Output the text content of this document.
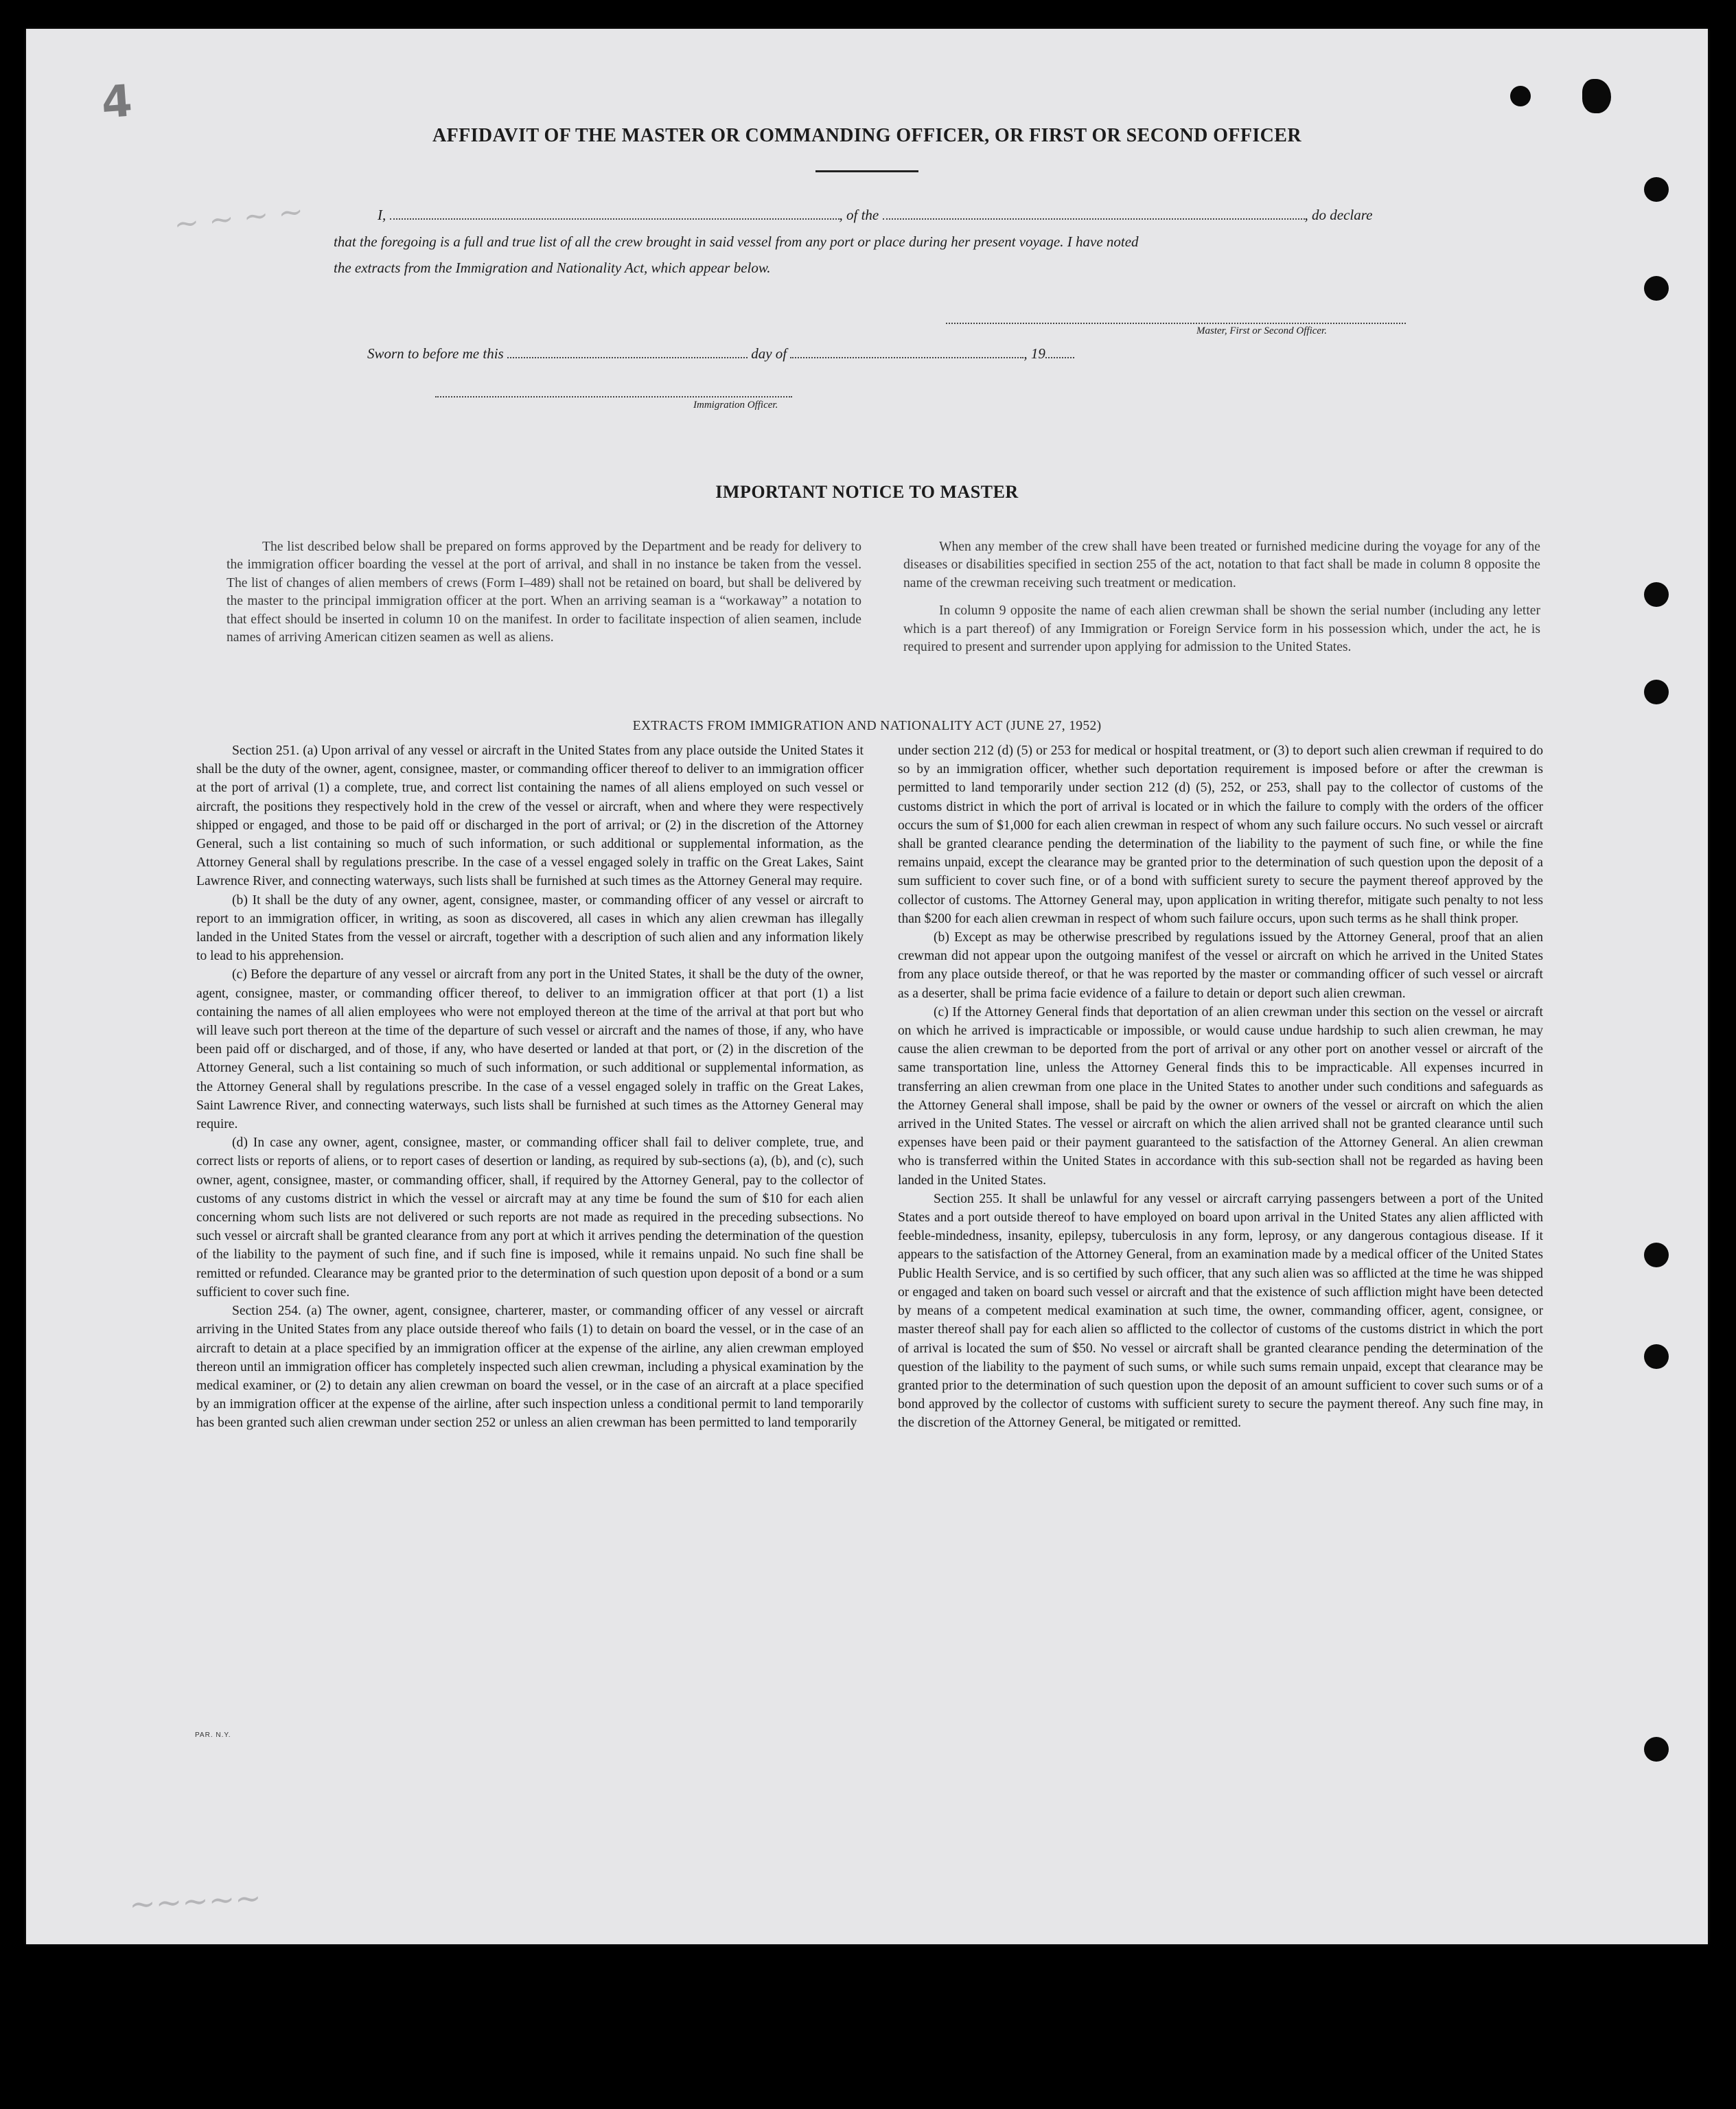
4
~ ~ ~ ~
~~~~~
AFFIDAVIT OF THE MASTER OR COMMANDING OFFICER, OR FIRST OR SECOND OFFICER
I,	, of the	, do declare
that the foregoing is a full and true list of all the crew brought in said vessel from any port or place during her present voyage. I have noted
the extracts from the Immigration and Nationality Act, which appear below.
Master, First or Second Officer.
Sworn to before me this	day of	, 19
Immigration Officer.
IMPORTANT NOTICE TO MASTER

The list described below shall be prepared on forms approved by the Department and be ready for delivery to the immigration officer boarding the vessel at the port of arrival, and shall in no instance be taken from the vessel. The list of changes of alien members of crews (Form I–489) shall not be retained on board, but shall be delivered by the master to the principal immigration officer at the port. When an arriving seaman is a “workaway” a notation to that effect should be inserted in column 10 on the manifest. In order to facilitate inspection of alien seamen, include names of arriving American citizen seamen as well as aliens.

When any member of the crew shall have been treated or furnished medicine during the voyage for any of the diseases or disabilities specified in section 255 of the act, notation to that fact shall be made in column 8 opposite the name of the crewman receiving such treatment or medication.

In column 9 opposite the name of each alien crewman shall be shown the serial number (including any letter which is a part thereof) of any Immigration or Foreign Service form in his possession which, under the act, he is required to present and surrender upon applying for admission to the United States.

EXTRACTS FROM IMMIGRATION AND NATIONALITY ACT (JUNE 27, 1952)

Section 251. (a) Upon arrival of any vessel or aircraft in the United States from any place outside the United States it shall be the duty of the owner, agent, consignee, master, or commanding officer thereof to deliver to an immigration officer at the port of arrival (1) a complete, true, and correct list containing the names of all aliens employed on such vessel or aircraft, the positions they respectively hold in the crew of the vessel or aircraft, when and where they were respectively shipped or engaged, and those to be paid off or discharged in the port of arrival; or (2) in the discretion of the Attorney General, such a list containing so much of such information, or such additional or supplemental information, as the Attorney General shall by regulations prescribe. In the case of a vessel engaged solely in traffic on the Great Lakes, Saint Lawrence River, and connecting waterways, such lists shall be furnished at such times as the Attorney General may require.

(b) It shall be the duty of any owner, agent, consignee, master, or commanding officer of any vessel or aircraft to report to an immigration officer, in writing, as soon as discovered, all cases in which any alien crewman has illegally landed in the United States from the vessel or aircraft, together with a description of such alien and any information likely to lead to his apprehension.

(c) Before the departure of any vessel or aircraft from any port in the United States, it shall be the duty of the owner, agent, consignee, master, or commanding officer thereof, to deliver to an immigration officer at that port (1) a list containing the names of all alien employees who were not employed thereon at the time of the arrival at that port but who will leave such port thereon at the time of the departure of such vessel or aircraft and the names of those, if any, who have been paid off or discharged, and of those, if any, who have deserted or landed at that port, or (2) in the discretion of the Attorney General, such a list containing so much of such information, or such additional or supplemental information, as the Attorney General shall by regulations prescribe. In the case of a vessel engaged solely in traffic on the Great Lakes, Saint Lawrence River, and connecting waterways, such lists shall be furnished at such times as the Attorney General may require.

(d) In case any owner, agent, consignee, master, or commanding officer shall fail to deliver complete, true, and correct lists or reports of aliens, or to report cases of desertion or landing, as required by sub-sections (a), (b), and (c), such owner, agent, consignee, master, or commanding officer, shall, if required by the Attorney General, pay to the collector of customs of any customs district in which the vessel or aircraft may at any time be found the sum of $10 for each alien concerning whom such lists are not delivered or such reports are not made as required in the preceding subsections. No such vessel or aircraft shall be granted clearance from any port at which it arrives pending the determination of the question of the liability to the payment of such fine, and if such fine is imposed, while it remains unpaid. No such fine shall be remitted or refunded. Clearance may be granted prior to the determination of such question upon deposit of a bond or a sum sufficient to cover such fine.

Section 254. (a) The owner, agent, consignee, charterer, master, or commanding officer of any vessel or aircraft arriving in the United States from any place outside thereof who fails (1) to detain on board the vessel, or in the case of an aircraft to detain at a place specified by an immigration officer at the expense of the airline, any alien crewman employed thereon until an immigration officer has completely inspected such alien crewman, including a physical examination by the medical examiner, or (2) to detain any alien crewman on board the vessel, or in the case of an aircraft at a place specified by an immigration officer at the expense of the airline, after such inspection unless a conditional permit to land temporarily has been granted such alien crewman under section 252 or unless an alien crewman has been permitted to land temporarily

under section 212 (d) (5) or 253 for medical or hospital treatment, or (3) to deport such alien crewman if required to do so by an immigration officer, whether such deportation requirement is imposed before or after the crewman is permitted to land temporarily under section 212 (d) (5), 252, or 253, shall pay to the collector of customs of the customs district in which the port of arrival is located or in which the failure to comply with the orders of the officer occurs the sum of $1,000 for each alien crewman in respect of whom any such failure occurs. No such vessel or aircraft shall be granted clearance pending the determination of the liability to the payment of such fine, or while the fine remains unpaid, except the clearance may be granted prior to the determination of such question upon the deposit of a sum sufficient to cover such fine, or of a bond with sufficient surety to secure the payment thereof approved by the collector of customs. The Attorney General may, upon application in writing therefor, mitigate such penalty to not less than $200 for each alien crewman in respect of whom such failure occurs, upon such terms as he shall think proper.

(b) Except as may be otherwise prescribed by regulations issued by the Attorney General, proof that an alien crewman did not appear upon the outgoing manifest of the vessel or aircraft on which he arrived in the United States from any place outside thereof, or that he was reported by the master or commanding officer of such vessel or aircraft as a deserter, shall be prima facie evidence of a failure to detain or deport such alien crewman.

(c) If the Attorney General finds that deportation of an alien crewman under this section on the vessel or aircraft on which he arrived is impracticable or impossible, or would cause undue hardship to such alien crewman, he may cause the alien crewman to be deported from the port of arrival or any other port on another vessel or aircraft of the same transportation line, unless the Attorney General finds this to be impracticable. All expenses incurred in transferring an alien crewman from one place in the United States to another under such conditions and safeguards as the Attorney General shall impose, shall be paid by the owner or owners of the vessel or aircraft on which the alien arrived in the United States. The vessel or aircraft on which the alien arrived shall not be granted clearance until such expenses have been paid or their payment guaranteed to the satisfaction of the Attorney General. An alien crewman who is transferred within the United States in accordance with this sub-section shall not be regarded as having been landed in the United States.

Section 255. It shall be unlawful for any vessel or aircraft carrying passengers between a port of the United States and a port outside thereof to have employed on board upon arrival in the United States any alien afflicted with feeble-mindedness, insanity, epilepsy, tuberculosis in any form, leprosy, or any dangerous contagious disease. If it appears to the satisfaction of the Attorney General, from an examination made by a medical officer of the United States Public Health Service, and is so certified by such officer, that any such alien was so afflicted at the time he was shipped or engaged and taken on board such vessel or aircraft and that the existence of such affliction might have been detected by means of a competent medical examination at such time, the owner, commanding officer, agent, consignee, or master thereof shall pay for each alien so afflicted to the collector of customs of the customs district in which the port of arrival is located the sum of $50. No vessel or aircraft shall be granted clearance pending the determination of the question of the liability to the payment of such sums, or while such sums remain unpaid, except that clearance may be granted prior to the determination of such question upon the deposit of an amount sufficient to cover such sums or of a bond approved by the collector of customs with sufficient surety to secure the payment thereof. Any such fine may, in the discretion of the Attorney General, be mitigated or remitted.

PAR. N.Y.
